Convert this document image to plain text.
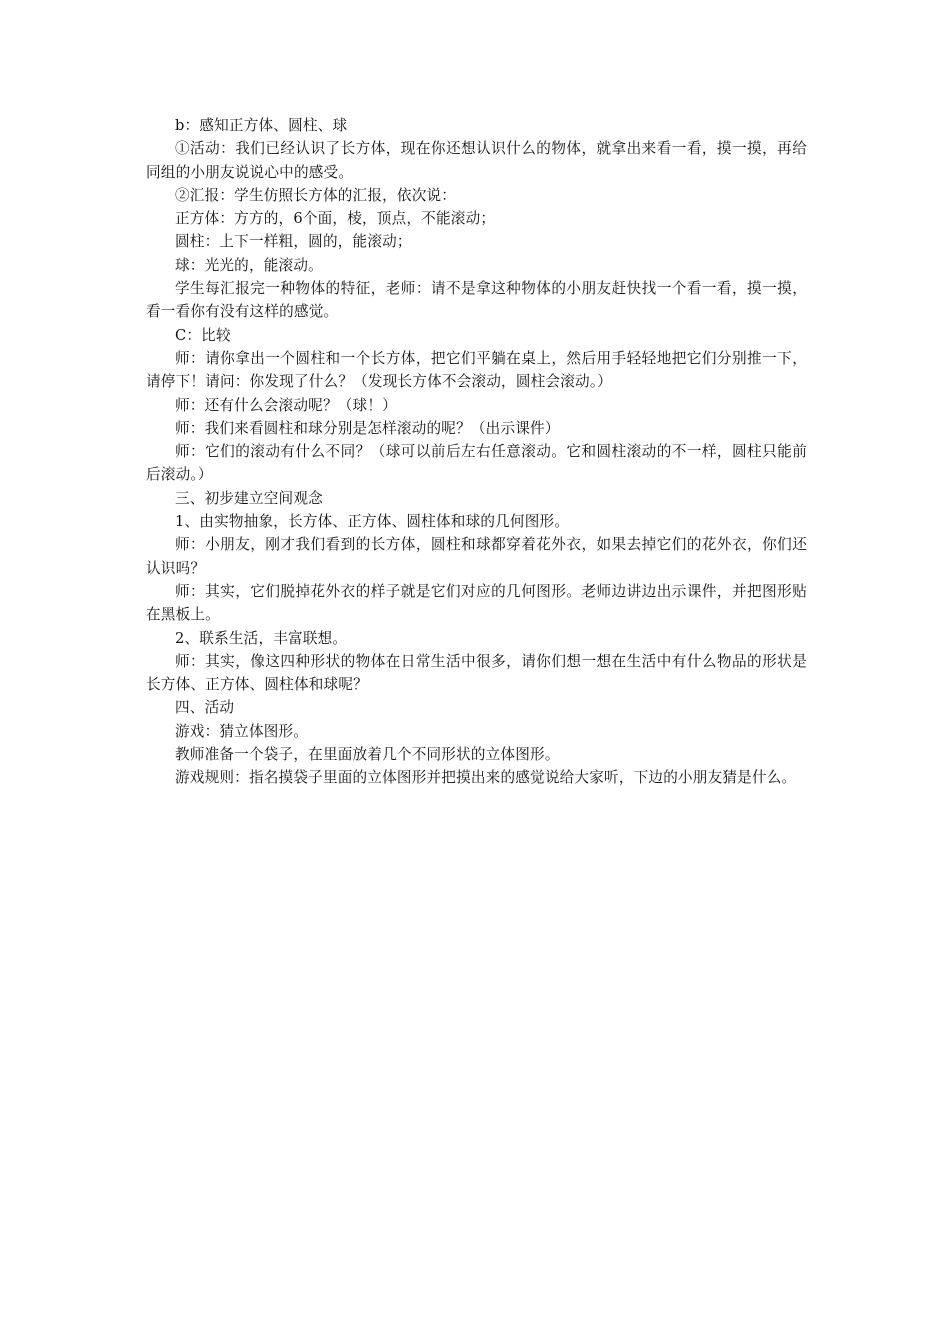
b：感知正方体、圆柱、球

①活动：我们已经认识了长方体，现在你还想认识什么的物体，就拿出来看一看，摸一摸，再给同组的小朋友说说心中的感受。

②汇报：学生仿照长方体的汇报，依次说：

正方体：方方的，6个面，棱，顶点，不能滚动；

圆柱：上下一样粗，圆的，能滚动；

球：光光的，能滚动。

学生每汇报完一种物体的特征，老师：请不是拿这种物体的小朋友赶快找一个看一看，摸一摸，看一看你有没有这样的感觉。

C：比较

师：请你拿出一个圆柱和一个长方体，把它们平躺在桌上，然后用手轻轻地把它们分别推一下，请停下！请问：你发现了什么？（发现长方体不会滚动，圆柱会滚动。）

师：还有什么会滚动呢？（球！）

师：我们来看圆柱和球分别是怎样滚动的呢？（出示课件）

师：它们的滚动有什么不同？（球可以前后左右任意滚动。它和圆柱滚动的不一样，圆柱只能前后滚动。）

三、初步建立空间观念

1、由实物抽象，长方体、正方体、圆柱体和球的几何图形。

师：小朋友，刚才我们看到的长方体，圆柱和球都穿着花外衣，如果去掉它们的花外衣，你们还认识吗？

师：其实，它们脱掉花外衣的样子就是它们对应的几何图形。老师边讲边出示课件，并把图形贴在黑板上。

2、联系生活，丰富联想。

师：其实，像这四种形状的物体在日常生活中很多，请你们想一想在生活中有什么物品的形状是长方体、正方体、圆柱体和球呢？

四、活动

游戏：猜立体图形。

教师准备一个袋子，在里面放着几个不同形状的立体图形。

游戏规则：指名摸袋子里面的立体图形并把摸出来的感觉说给大家听，下边的小朋友猜是什么。
